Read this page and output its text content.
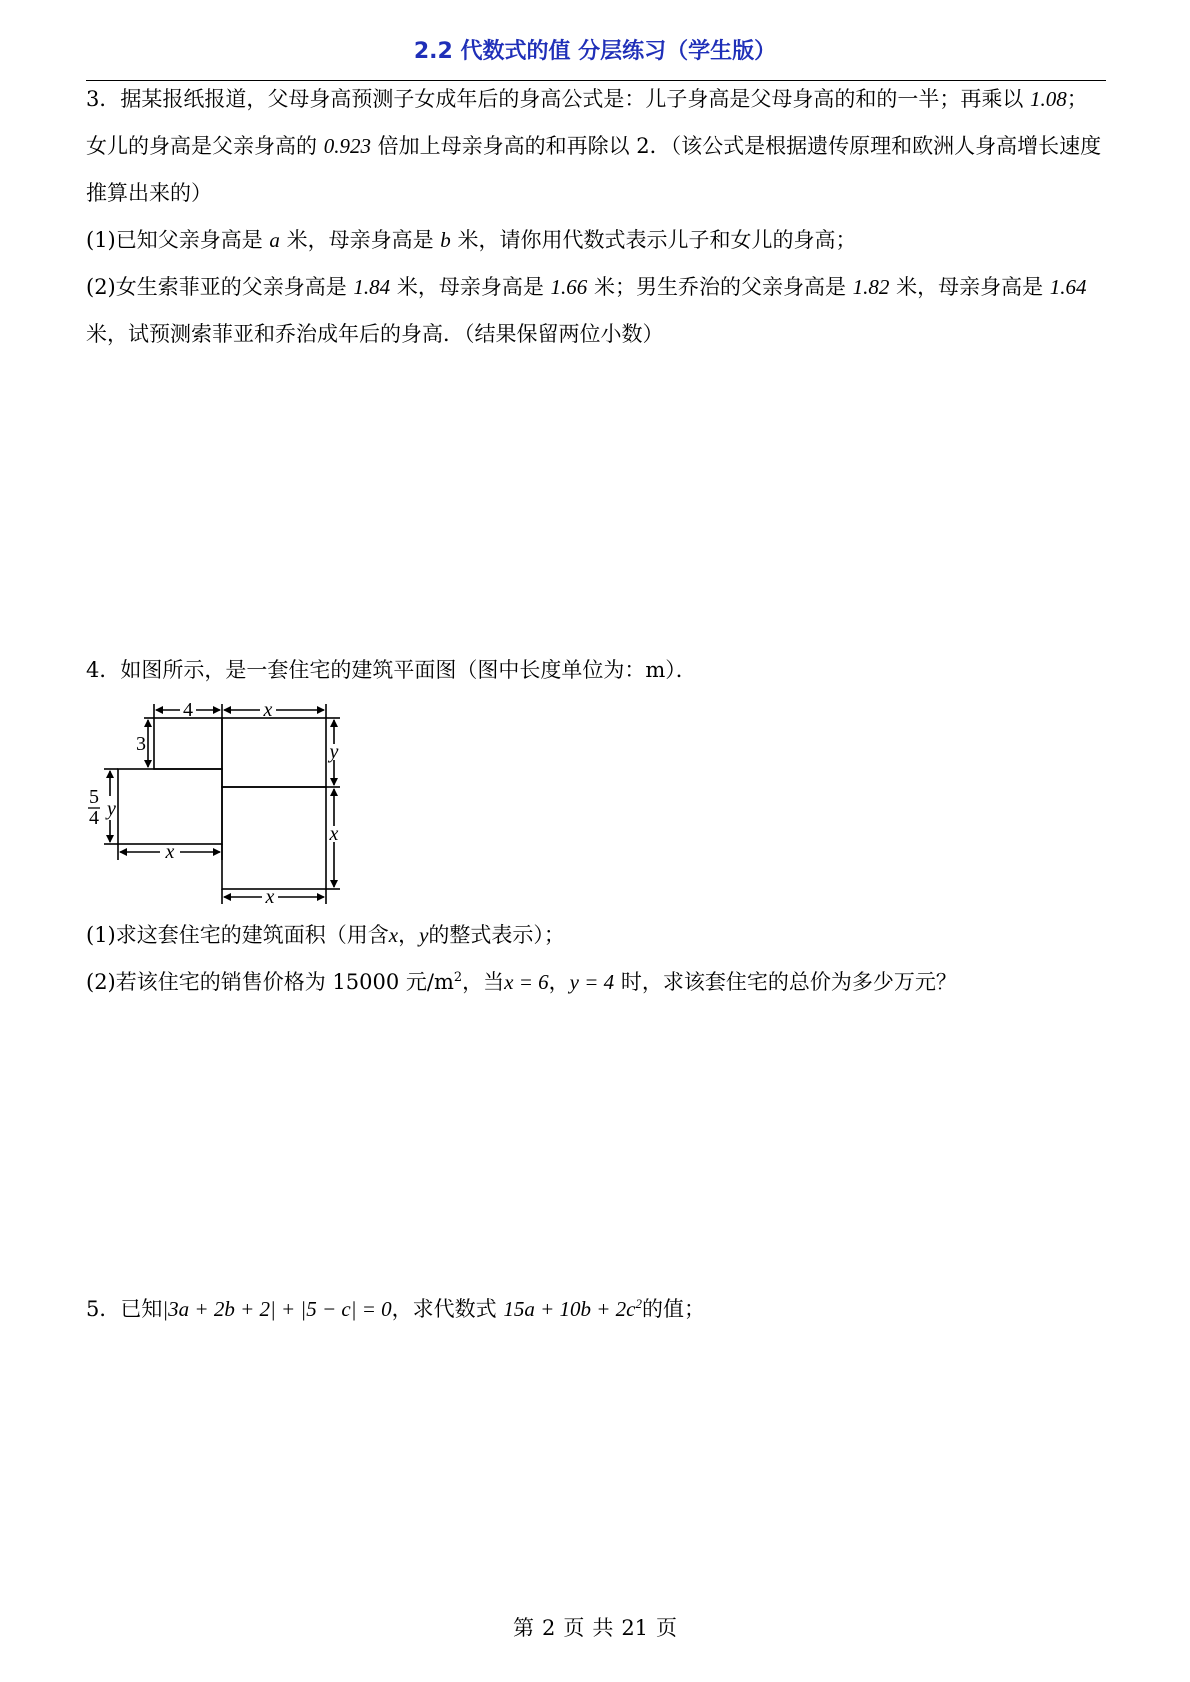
2.2 代数式的值 分层练习（学生版）

3．据某报纸报道，父母身高预测子女成年后的身高公式是：儿子身高是父母身高的和的一半；再乘以 1.08；女儿的身高是父亲身高的 0.923 倍加上母亲身高的和再除以 2．（该公式是根据遗传原理和欧洲人身高增长速度推算出来的）

(1)已知父亲身高是 a 米，母亲身高是 b 米，请你用代数式表示儿子和女儿的身高；

(2)女生索菲亚的父亲身高是 1.84 米，母亲身高是 1.66 米；男生乔治的父亲身高是 1.82 米，母亲身高是 1.64 米，试预测索菲亚和乔治成年后的身高．（结果保留两位小数）

4．如图所示，是一套住宅的建筑平面图（图中长度单位为：m）．
4	x
3	y
x
5
4 y
x
x

(1)求这套住宅的建筑面积（用含x，y的整式表示）；

(2)若该住宅的销售价格为 15000 元$/m^2$，当x = 6，y = 4 时，求该套住宅的总价为多少万元？

5．已知|3a + 2b + 2| + |5 − c| = 0，求代数式 $15a + 10b + 2c^2$的值；

第 2 页 共 21 页
